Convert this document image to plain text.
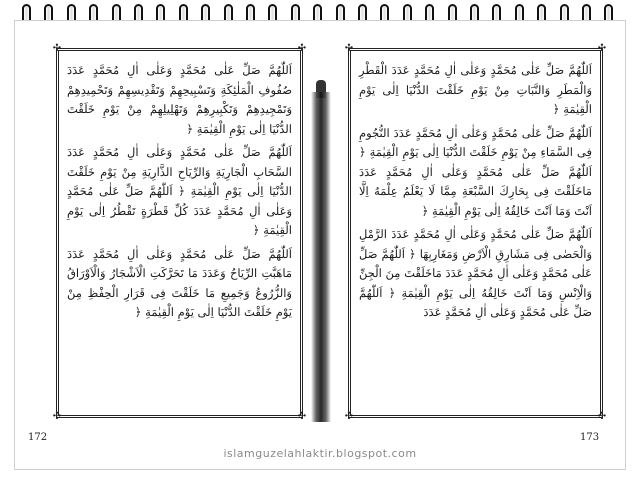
✣	✣
✣	✣

اَللّٰهُمَّ صَلِّ عَلٰى مُحَمَّدٍ وَعَلٰى اٰلِ مُحَمَّدٍ عَدَدَ صُفُوفِ الْمَلٰئِكَةِ وَتَسْبِيحِهِمْ وَتَقْدِيسِهِمْ وَتَحْمِيدِهِمْ وَتَمْجِيدِهِمْ وَتَكْبِيرِهِمْ وَتَهْلِيلِهِمْ مِنْ يَوْمِ خَلَقْتَ الدُّنْيَا اِلٰى يَوْمِ الْقِيٰمَةِ ﴿

اَللّٰهُمَّ صَلِّ عَلٰى مُحَمَّدٍ وَعَلٰى اٰلِ مُحَمَّدٍ عَدَدَ السَّحَابِ الْجَارِيَةِ وَالرِّيَاحِ الذَّارِيَةِ مِنْ يَوْمِ خَلَقْتَ الدُّنْيَا اِلٰى يَوْمِ الْقِيٰمَةِ ﴿ اَللّٰهُمَّ صَلِّ عَلٰى مُحَمَّدٍ وَعَلٰى اٰلِ مُحَمَّدٍ عَدَدَ كُلِّ قَطْرَةٍ تَقْطُرُ اِلٰى يَوْمِ الْقِيٰمَةِ ﴿

اَللّٰهُمَّ صَلِّ عَلٰى مُحَمَّدٍ وَعَلٰى اٰلِ مُحَمَّدٍ عَدَدَ مَاهَبَّتِ الرِّيَاحُ وَعَدَدَ مَا تَحَرَّكَتِ الْاَشْجَارُ وَالْاَوْرَاقُ وَالزُّرُوعُ وَجَمِيعِ مَا خَلَقْتَ فِى قَرَارِ الْحِفْظِ مِنْ يَوْمِ خَلَقْتَ الدُّنْيَا اِلٰى يَوْمِ الْقِيٰمَةِ ﴿

✣	✣
✣	✣

اَللّٰهُمَّ صَلِّ عَلٰى مُحَمَّدٍ وَعَلٰى اٰلِ مُحَمَّدٍ عَدَدَ الْقَطْرِ وَالْمَطَرِ وَالنَّبَاتِ مِنْ يَوْمِ خَلَقْتَ الدُّنْيَا اِلٰى يَوْمِ الْقِيٰمَةِ ﴿

اَللّٰهُمَّ صَلِّ عَلٰى مُحَمَّدٍ وَعَلٰى اٰلِ مُحَمَّدٍ عَدَدَ النُّجُومِ فِى السَّمَاءِ مِنْ يَوْمِ خَلَقْتَ الدُّنْيَا اِلٰى يَوْمِ الْقِيٰمَةِ ﴿ اَللّٰهُمَّ صَلِّ عَلٰى مُحَمَّدٍ وَعَلٰى اٰلِ مُحَمَّدٍ عَدَدَ مَاخَلَقْتَ فِى بِحَارِكَ السَّبْعَةِ مِمَّا لَا يَعْلَمُ عِلْمَهُ اِلَّا اَنْتَ وَمَا اَنْتَ خَالِقُهُ اِلٰى يَوْمِ الْقِيٰمَةِ ﴿

اَللّٰهُمَّ صَلِّ عَلٰى مُحَمَّدٍ وَعَلٰى اٰلِ مُحَمَّدٍ عَدَدَ الرَّمْلِ وَالْحَصٰى فِى مَشَارِقِ الْاَرْضِ وَمَغَارِبِهَا ﴿ اَللّٰهُمَّ صَلِّ عَلٰى مُحَمَّدٍ وَعَلٰى اٰلِ مُحَمَّدٍ عَدَدَ مَاخَلَقْتَ مِنَ الْجِنِّ وَالْاِنْسِ وَمَا اَنْتَ خَالِقُهُ اِلٰى يَوْمِ الْقِيٰمَةِ ﴿ اَللّٰهُمَّ صَلِّ عَلٰى مُحَمَّدٍ وَعَلٰى اٰلِ مُحَمَّدٍ عَدَدَ

172	173
islamguzelahlaktir.blogspot.com
